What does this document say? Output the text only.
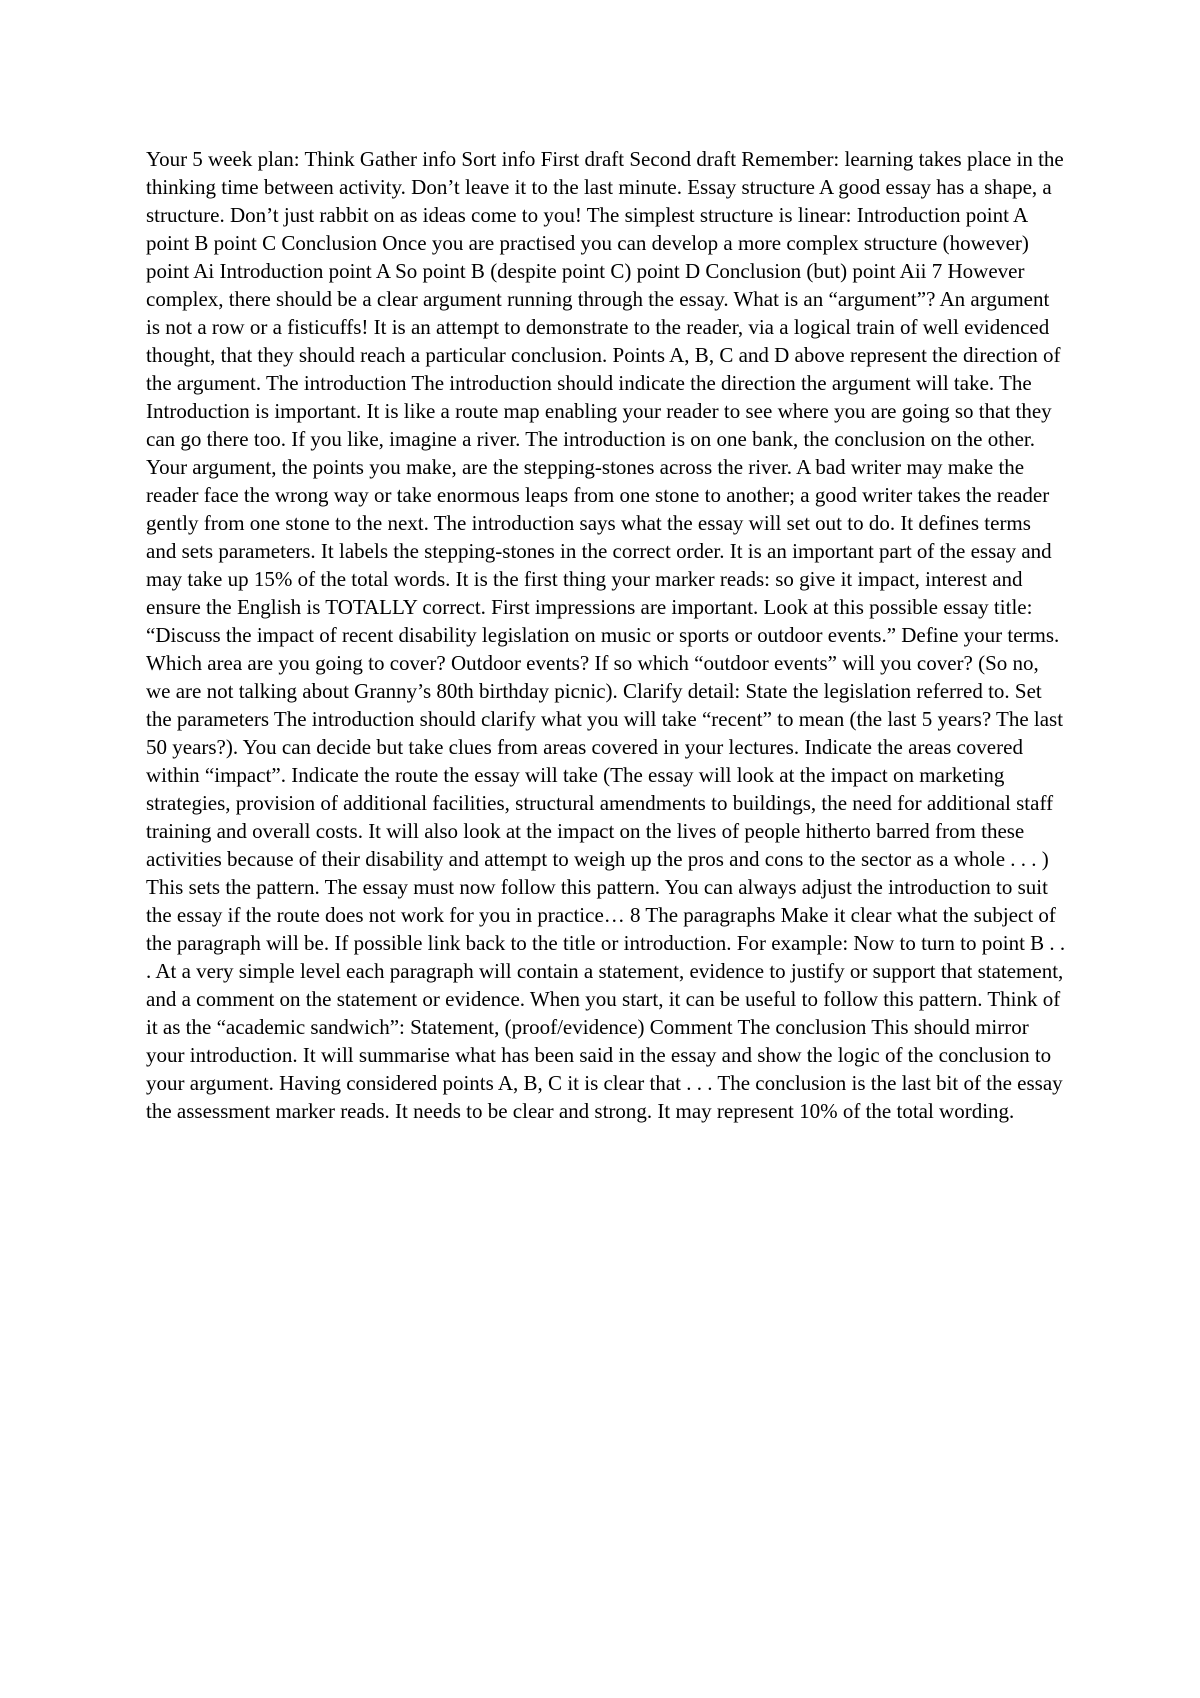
Your 5 week plan: Think Gather info Sort info First draft Second draft Remember: learning takes place in the thinking time between activity. Don’t leave it to the last minute. Essay structure A good essay has a shape, a structure. Don’t just rabbit on as ideas come to you! The simplest structure is linear: Introduction point A point B point C Conclusion Once you are practised you can develop a more complex structure (however) point Ai Introduction point A So point B (despite point C) point D Conclusion (but) point Aii 7 However complex, there should be a clear argument running through the essay. What is an “argument”? An argument is not a row or a fisticuffs! It is an attempt to demonstrate to the reader, via a logical train of well evidenced thought, that they should reach a particular conclusion. Points A, B, C and D above represent the direction of the argument. The introduction The introduction should indicate the direction the argument will take. The Introduction is important. It is like a route map enabling your reader to see where you are going so that they can go there too. If you like, imagine a river. The introduction is on one bank, the conclusion on the other. Your argument, the points you make, are the stepping-stones across the river. A bad writer may make the reader face the wrong way or take enormous leaps from one stone to another; a good writer takes the reader gently from one stone to the next. The introduction says what the essay will set out to do. It defines terms and sets parameters. It labels the stepping-stones in the correct order. It is an important part of the essay and may take up 15% of the total words. It is the first thing your marker reads: so give it impact, interest and ensure the English is TOTALLY correct. First impressions are important. Look at this possible essay title: “Discuss the impact of recent disability legislation on music or sports or outdoor events.” Define your terms. Which area are you going to cover? Outdoor events? If so which “outdoor events” will you cover? (So no, we are not talking about Granny’s 80th birthday picnic). Clarify detail: State the legislation referred to. Set the parameters The introduction should clarify what you will take “recent” to mean (the last 5 years? The last 50 years?). You can decide but take clues from areas covered in your lectures. Indicate the areas covered within “impact”. Indicate the route the essay will take (The essay will look at the impact on marketing strategies, provision of additional facilities, structural amendments to buildings, the need for additional staff training and overall costs. It will also look at the impact on the lives of people hitherto barred from these activities because of their disability and attempt to weigh up the pros and cons to the sector as a whole . . . ) This sets the pattern. The essay must now follow this pattern. You can always adjust the introduction to suit the essay if the route does not work for you in practice… 8 The paragraphs Make it clear what the subject of the paragraph will be. If possible link back to the title or introduction. For example: Now to turn to point B . . . At a very simple level each paragraph will contain a statement, evidence to justify or support that statement, and a comment on the statement or evidence. When you start, it can be useful to follow this pattern. Think of it as the “academic sandwich”: Statement, (proof/evidence) Comment The conclusion This should mirror your introduction. It will summarise what has been said in the essay and show the logic of the conclusion to your argument. Having considered points A, B, C it is clear that . . . The conclusion is the last bit of the essay the assessment marker reads. It needs to be clear and strong. It may represent 10% of the total wording.
